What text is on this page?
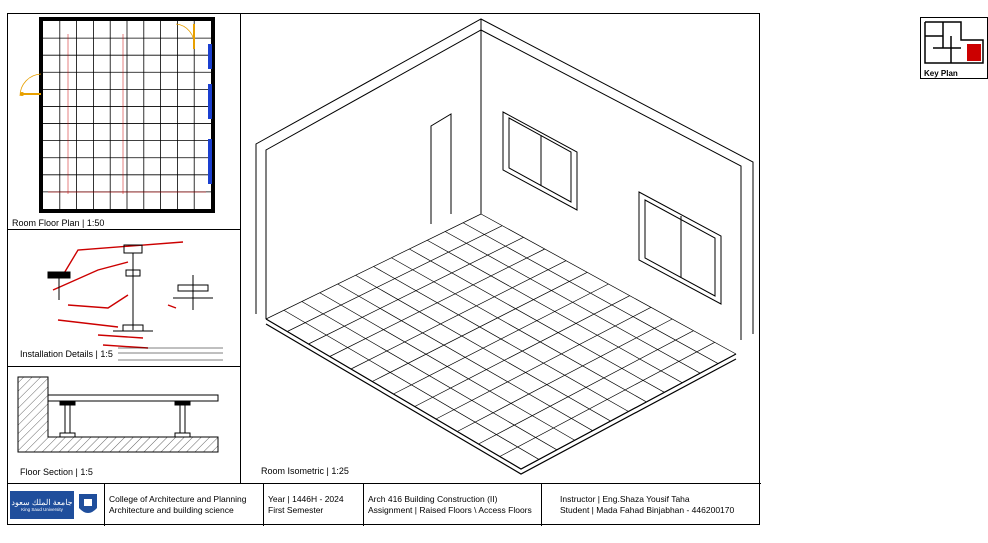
Room Floor Plan | 1:50
Installation Details | 1:5
Floor Section | 1:5
Key Plan
Room Isometric | 1:25
جامعة الملك سعود
King Saud University
College of Architecture and Planning
Architecture and building science
Year | 1446H - 2024
First Semester
Arch 416 Building Construction (II)
Assignment | Raised Floors \ Access Floors
Instructor | Eng.Shaza Yousif Taha
Student | Mada Fahad Binjabhan - 446200170
